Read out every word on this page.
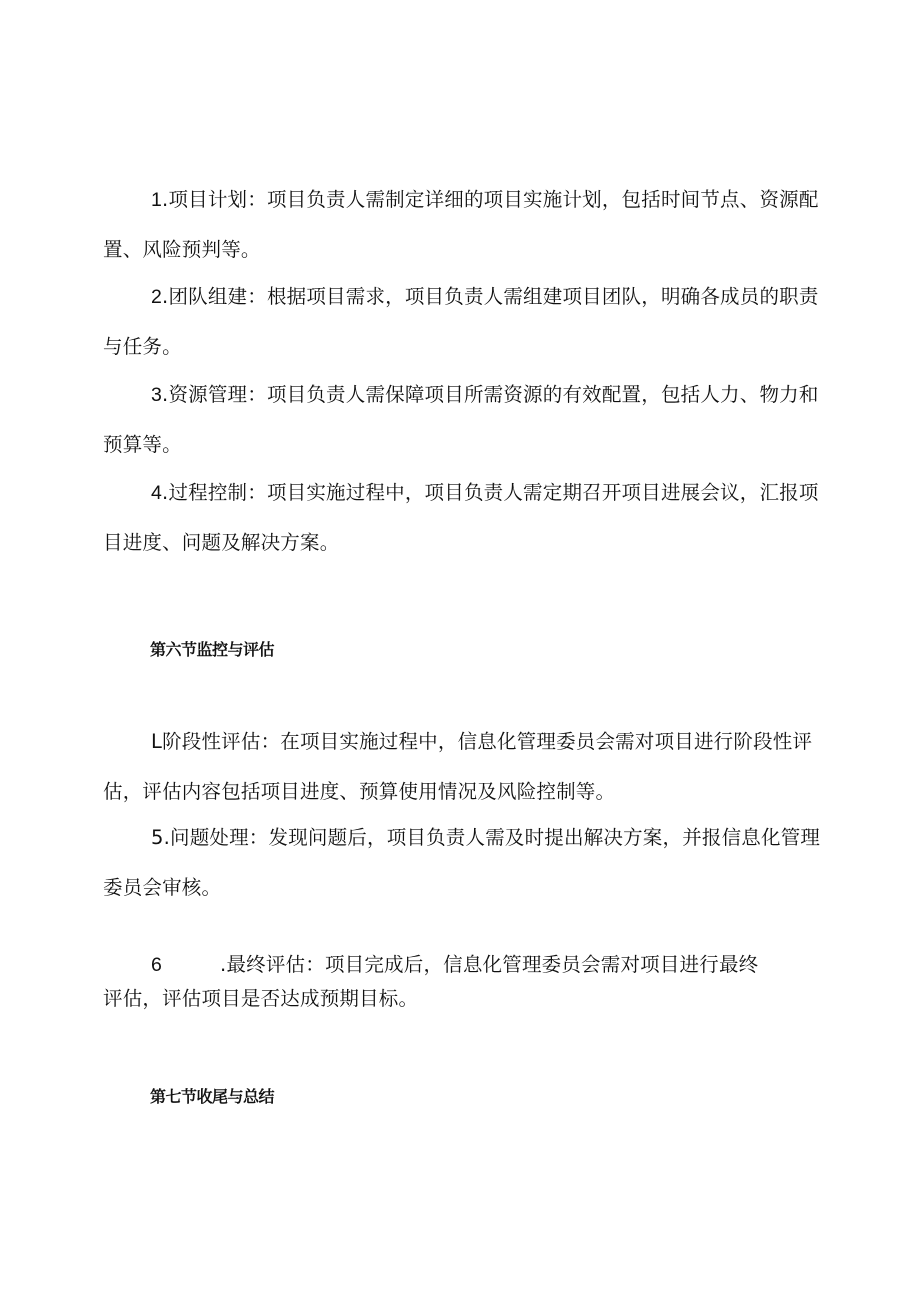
1.项目计划：项目负责人需制定详细的项目实施计划，包括时间节点、资源配置、风险预判等。

2.团队组建：根据项目需求，项目负责人需组建项目团队，明确各成员的职责与任务。

3.资源管理：项目负责人需保障项目所需资源的有效配置，包括人力、物力和预算等。

4.过程控制：项目实施过程中，项目负责人需定期召开项目进展会议，汇报项目进度、问题及解决方案。

第六节监控与评估

L阶段性评估：在项目实施过程中，信息化管理委员会需对项目进行阶段性评估，评估内容包括项目进度、预算使用情况及风险控制等。

5.问题处理：发现问题后，项目负责人需及时提出解决方案，并报信息化管理委员会审核。

6	.最终评估：项目完成后，信息化管理委员会需对项目进行最终
评估，评估项目是否达成预期目标。

第七节收尾与总结
